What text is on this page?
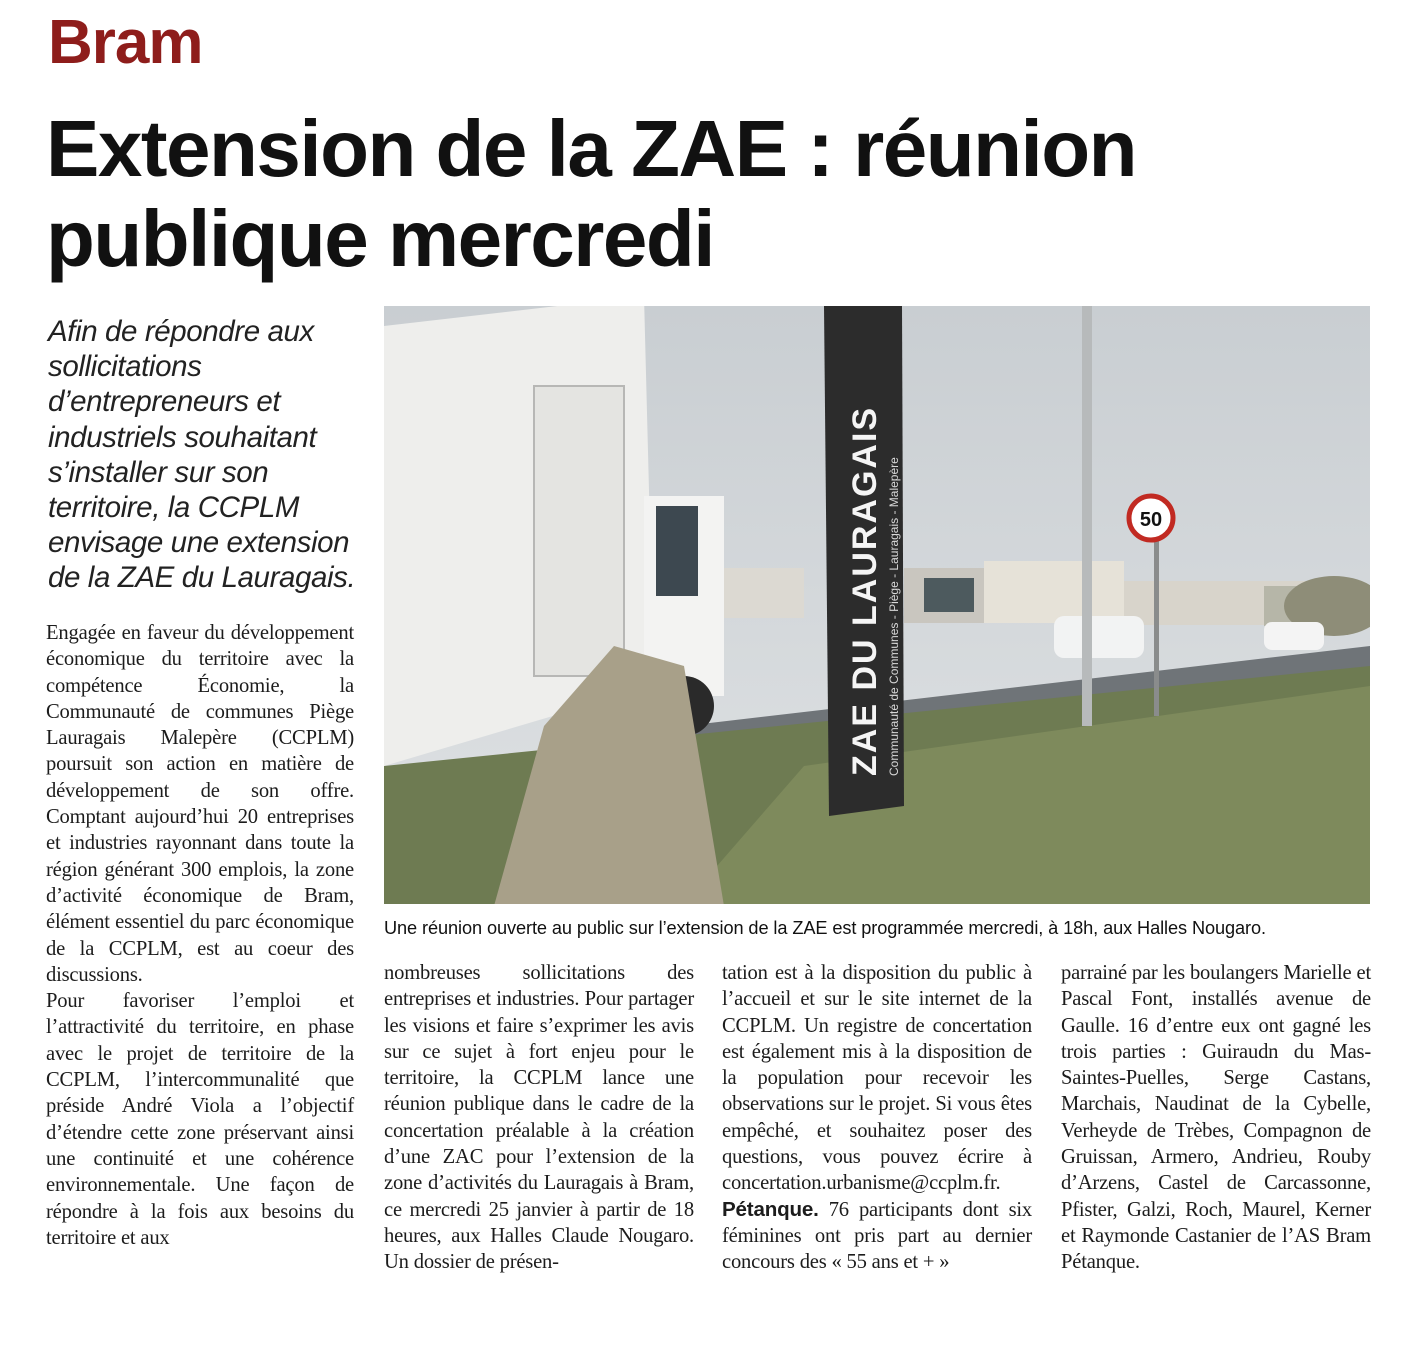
Bram
Extension de la ZAE : réunion publique mercredi
Afin de répondre aux sollicitations d’entrepreneurs et industriels souhaitant s’installer sur son territoire, la CCPLM envisage une extension de la ZAE du Lauragais.
50
ZAE DU LAURAGAIS Communauté de Communes - Piège - Lauragais - Malepère
Une réunion ouverte au public sur l’extension de la ZAE est programmée mercredi, à 18h, aux Halles Nougaro.

Engagée en faveur du développement économique du territoire avec la compétence Économie, la Communauté de communes Piège Lauragais Malepère (CCPLM) poursuit son action en matière de développement de son offre. Comptant aujourd’hui 20 entreprises et industries rayonnant dans toute la région générant 300 emplois, la zone d’activité économique de Bram, élément essentiel du parc économique de la CCPLM, est au coeur des discussions.

Pour favoriser l’emploi et l’attractivité du territoire, en phase avec le projet de territoire de la CCPLM, l’intercommunalité que préside André Viola a l’objectif d’étendre cette zone préservant ainsi une continuité et une cohérence environnementale. Une façon de répondre à la fois aux besoins du territoire et aux

nombreuses sollicitations des entreprises et industries. Pour partager les visions et faire s’exprimer les avis sur ce sujet à fort enjeu pour le territoire, la CCPLM lance une réunion publique dans le cadre de la concertation préalable à la création d’une ZAC pour l’extension de la zone d’activités du Lauragais à Bram, ce mercredi 25 janvier à partir de 18 heures, aux Halles Claude Nougaro. Un dossier de présen-

tation est à la disposition du public à l’accueil et sur le site internet de la CCPLM. Un registre de concertation est également mis à la disposition de la population pour recevoir les observations sur le projet. Si vous êtes empêché, et souhaitez poser des questions, vous pouvez écrire à concertation.urbanisme@ccplm.fr. Pétanque. 76 participants dont six féminines ont pris part au dernier concours des « 55 ans et + »

parrainé par les boulangers Marielle et Pascal Font, installés avenue de Gaulle. 16 d’entre eux ont gagné les trois parties : Guiraudn du Mas-Saintes-Puelles, Serge Castans, Marchais, Naudinat de la Cybelle, Verheyde de Trèbes, Compagnon de Gruissan, Armero, Andrieu, Rouby d’Arzens, Castel de Carcassonne, Pfister, Galzi, Roch, Maurel, Kerner et Raymonde Castanier de l’AS Bram Pétanque.
